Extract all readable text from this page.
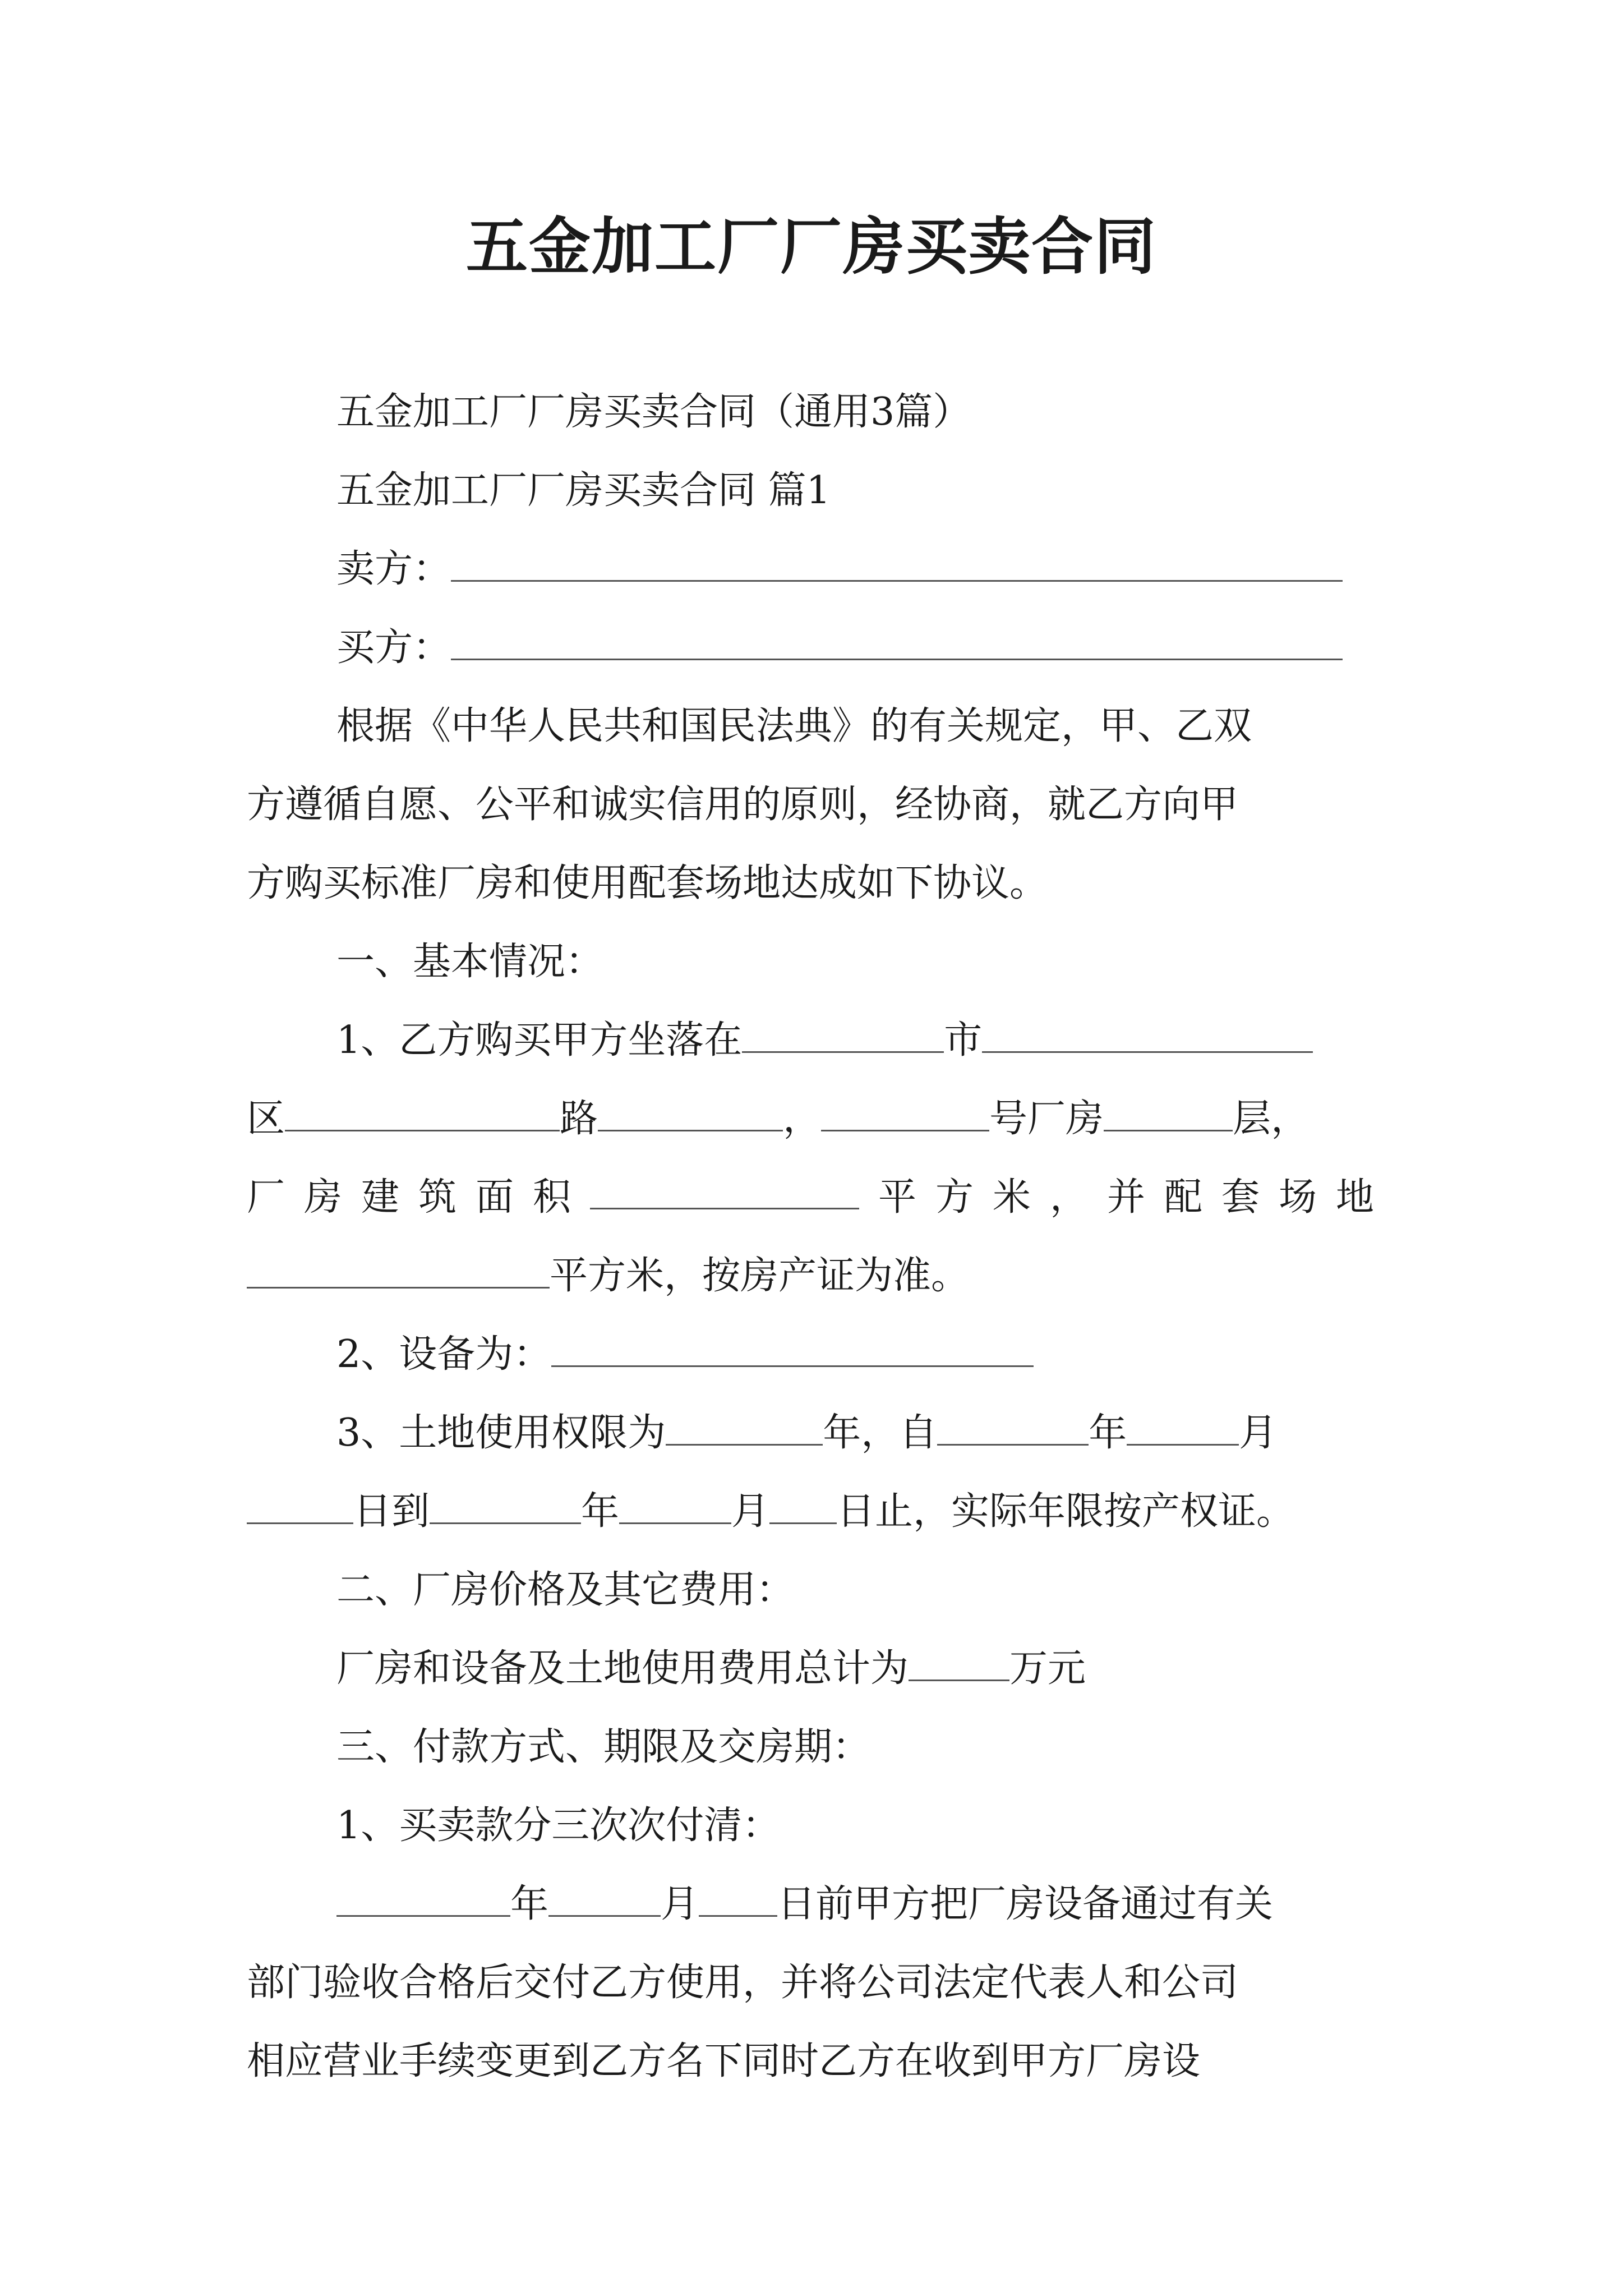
五金加工厂厂房买卖合同
五金加工厂厂房买卖合同（通用3篇）
五金加工厂厂房买卖合同 篇1
卖方：
买方：
根据《中华人民共和国民法典》的有关规定，甲、乙双
方遵循自愿、公平和诚实信用的原则，经协商，就乙方向甲
方购买标准厂房和使用配套场地达成如下协议。
一、基本情况：
1、乙方购买甲方坐落在	市
区	路	，	号厂房	层，
厂 房 建 筑 面 积	平 方 米 ， 并 配 套 场 地
平方米，按房产证为准。
2、设备为：
3、土地使用权限为	年，自	年	月
日到	年	月 日止，实际年限按产权证。
二、厂房价格及其它费用：
厂房和设备及土地使用费用总计为	万元
三、付款方式、期限及交房期：
1、买卖款分三次次付清：
年	月 日前甲方把厂房设备通过有关
部门验收合格后交付乙方使用，并将公司法定代表人和公司
相应营业手续变更到乙方名下同时乙方在收到甲方厂房设
